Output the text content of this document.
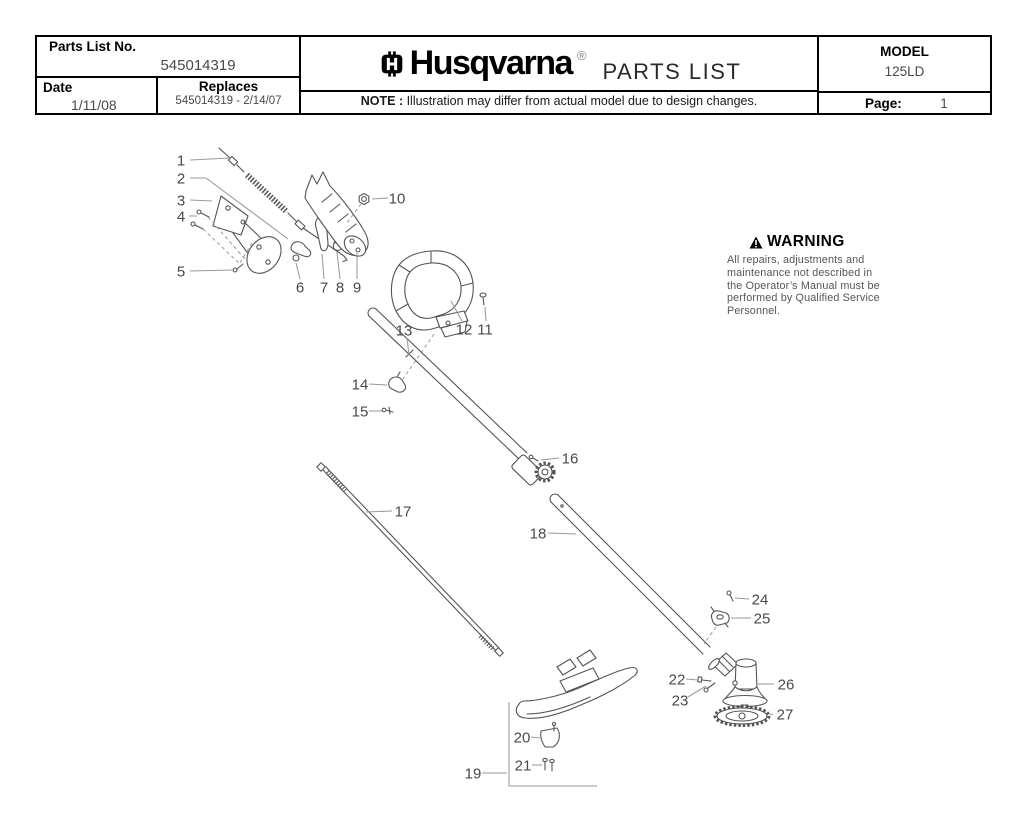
Parts List No.
545014319
Date
1/11/08
Replaces
545014319 - 2/14/07
Husqvarna ®
PARTS LIST
NOTE : Illustration may differ from actual model due to design changes.
MODEL
125LD
Page:	1
WARNING
All repairs, adjustments and
maintenance not described in
the Operator’s Manual must be
performed by Qualified Service
Personnel.
1
2
3
4
5
6 7 8 9
10
11
12
13
14
15
16
17
18
19
20
21
22
23
24
25
26
27
